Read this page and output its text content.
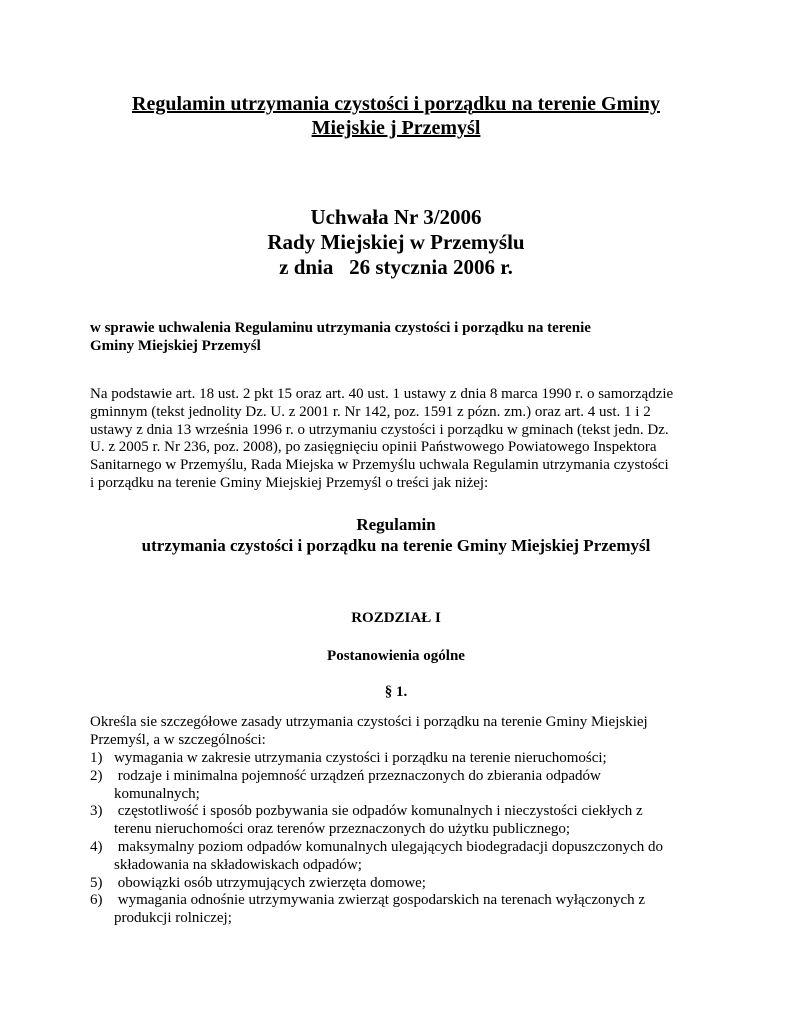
Regulamin utrzymania czystości i porządku na terenie Gminy
Miejskie j Przemyśl
Uchwała Nr 3/2006
Rady Miejskiej w Przemyślu
z dnia   26 stycznia 2006 r.
w sprawie uchwalenia Regulaminu utrzymania czystości i porządku na terenie
Gminy Miejskiej Przemyśl
Na podstawie art. 18 ust. 2 pkt 15 oraz art. 40 ust. 1 ustawy z dnia 8 marca 1990 r. o samorządzie
gminnym (tekst jednolity Dz. U. z 2001 r. Nr 142, poz. 1591 z pózn. zm.) oraz art. 4 ust. 1 i 2
ustawy z dnia 13 września 1996 r. o utrzymaniu czystości i porządku w gminach (tekst jedn. Dz.
U. z 2005 r. Nr 236, poz. 2008), po zasięgnięciu opinii Państwowego Powiatowego Inspektora
Sanitarnego w Przemyślu, Rada Miejska w Przemyślu uchwala Regulamin utrzymania czystości
i porządku na terenie Gminy Miejskiej Przemyśl o treści jak niżej:
Regulamin
utrzymania czystości i porządku na terenie Gminy Miejskiej Przemyśl
ROZDZIAŁ I
Postanowienia ogólne
§ 1.
Określa sie szczegółowe zasady utrzymania czystości i porządku na terenie Gminy Miejskiej
Przemyśl, a w szczególności:
1) wymagania w zakresie utrzymania czystości i porządku na terenie nieruchomości;
2) rodzaje i minimalna pojemność urządzeń przeznaczonych do zbierania odpadów
komunalnych;
3) częstotliwość i sposób pozbywania sie odpadów komunalnych i nieczystości ciekłych z
terenu nieruchomości oraz terenów przeznaczonych do użytku publicznego;
4) maksymalny poziom odpadów komunalnych ulegających biodegradacji dopuszczonych do
składowania na składowiskach odpadów;
5) obowiązki osób utrzymujących zwierzęta domowe;
6) wymagania odnośnie utrzymywania zwierząt gospodarskich na terenach wyłączonych z
produkcji rolniczej;
